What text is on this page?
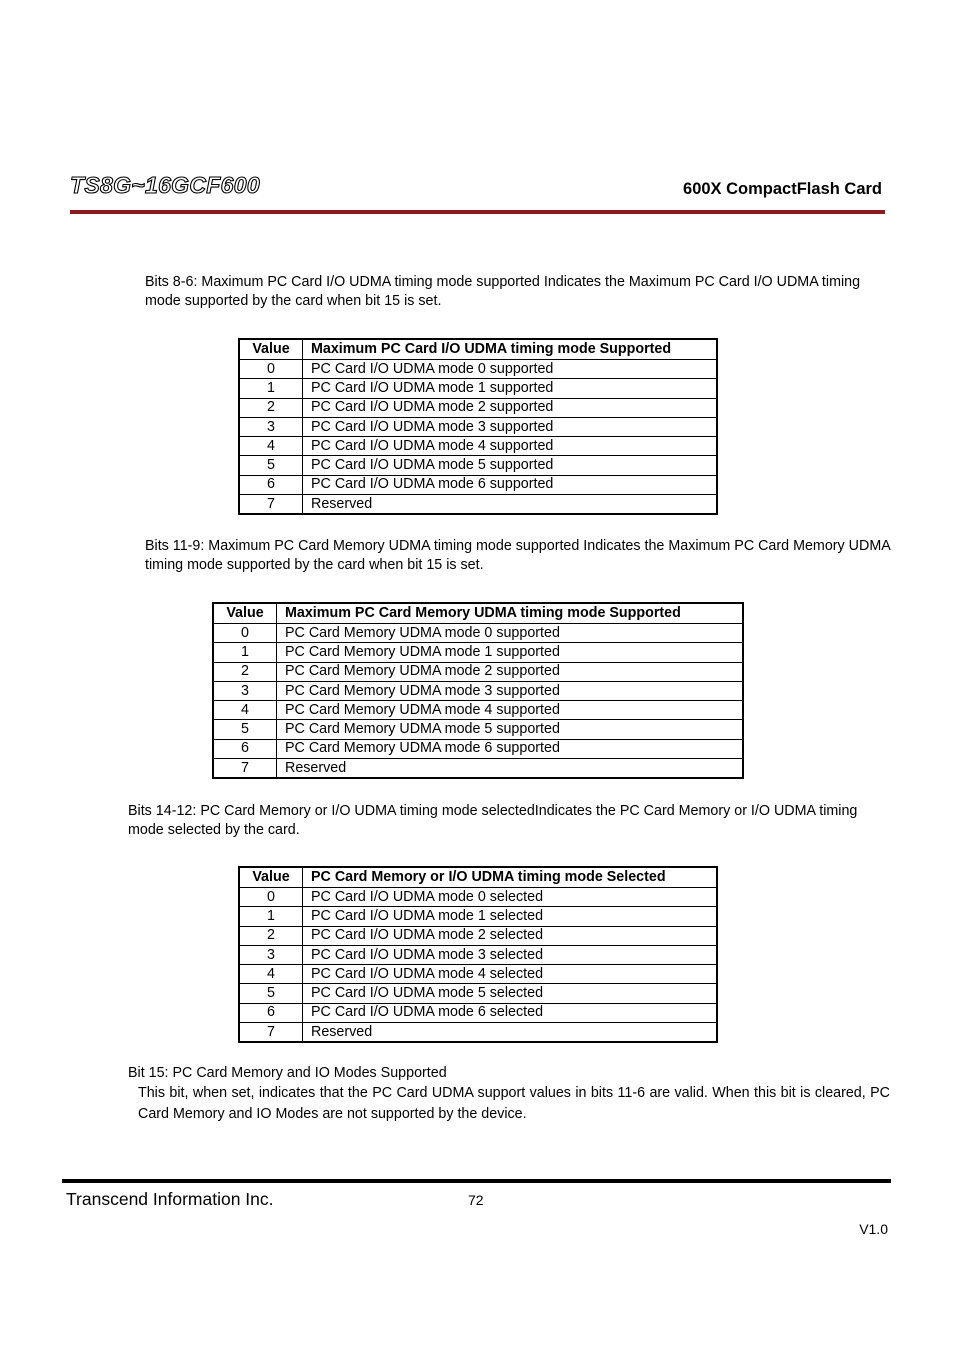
TS8G~16GCF600	600X CompactFlash Card
Bits 8-6: Maximum PC Card I/O UDMA timing mode supported Indicates the Maximum PC Card I/O UDMA timing mode supported by the card when bit 15 is set.
Value	Maximum PC Card I/O UDMA timing mode Supported
0	PC Card I/O UDMA mode 0 supported
1	PC Card I/O UDMA mode 1 supported
2	PC Card I/O UDMA mode 2 supported
3	PC Card I/O UDMA mode 3 supported
4	PC Card I/O UDMA mode 4 supported
5	PC Card I/O UDMA mode 5 supported
6	PC Card I/O UDMA mode 6 supported
7	Reserved
Bits 11-9: Maximum PC Card Memory UDMA timing mode supported Indicates the Maximum PC Card Memory UDMA timing mode supported by the card when bit 15 is set.
Value	Maximum PC Card Memory UDMA timing mode Supported
0	PC Card Memory UDMA mode 0 supported
1	PC Card Memory UDMA mode 1 supported
2	PC Card Memory UDMA mode 2 supported
3	PC Card Memory UDMA mode 3 supported
4	PC Card Memory UDMA mode 4 supported
5	PC Card Memory UDMA mode 5 supported
6	PC Card Memory UDMA mode 6 supported
7	Reserved
Bits 14-12: PC Card Memory or I/O UDMA timing mode selectedIndicates the PC Card Memory or I/O UDMA timing mode selected by the card.
Value	PC Card Memory or I/O UDMA timing mode Selected
0	PC Card I/O UDMA mode 0 selected
1	PC Card I/O UDMA mode 1 selected
2	PC Card I/O UDMA mode 2 selected
3	PC Card I/O UDMA mode 3 selected
4	PC Card I/O UDMA mode 4 selected
5	PC Card I/O UDMA mode 5 selected
6	PC Card I/O UDMA mode 6 selected
7	Reserved
Bit 15: PC Card Memory and IO Modes Supported
This bit, when set, indicates that the PC Card UDMA support values in bits 11-6 are valid. When this bit is cleared, PC Card Memory and IO Modes are not supported by the device.
Transcend Information Inc.	72
V1.0
